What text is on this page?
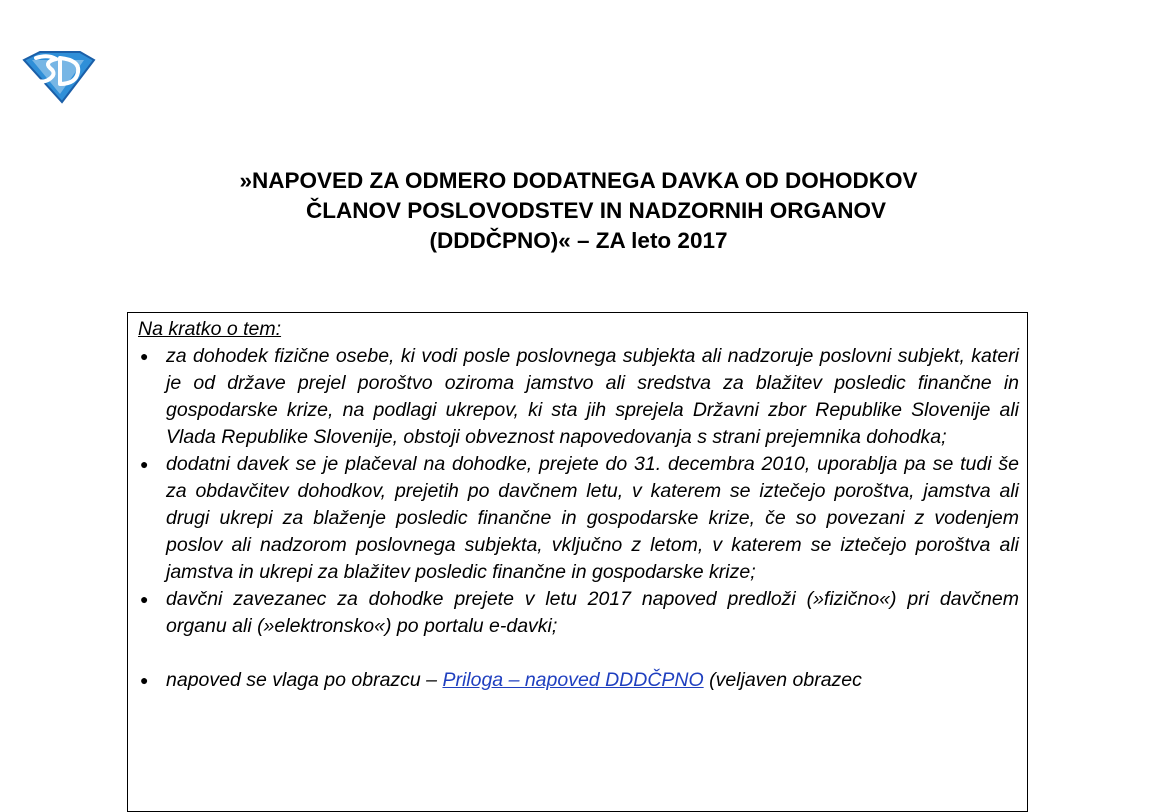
»NAPOVED ZA ODMERO DODATNEGA DAVKA OD DOHODKOV
ČLANOV POSLOVODSTEV IN NADZORNIH ORGANOV
(DDDČPNO)« – ZA leto 2017
Na kratko o tem:
● za dohodek fizične osebe, ki vodi posle poslovnega subjekta ali nadzoruje poslovni subjekt, kateri je od države prejel poroštvo oziroma jamstvo ali sredstva za blažitev posledic finančne in gospodarske krize, na podlagi ukrepov, ki sta jih sprejela Državni zbor Republike Slovenije ali Vlada Republike Slovenije, obstoji obveznost napovedovanja s strani prejemnika dohodka;
● dodatni davek se je plačeval na dohodke, prejete do 31. decembra 2010, uporablja pa se tudi še za obdavčitev dohodkov, prejetih po davčnem letu, v katerem se iztečejo poroštva, jamstva ali drugi ukrepi za blaženje posledic finančne in gospodarske krize, če so povezani z vodenjem poslov ali nadzorom poslovnega subjekta, vključno z letom, v katerem se iztečejo poroštva ali jamstva in ukrepi za blažitev posledic finančne in gospodarske krize;
● davčni zavezanec za dohodke prejete v letu 2017 napoved predloži (»fizično«) pri davčnem organu ali (»elektronsko«) po portalu e-davki;
● napoved se vlaga po obrazcu – Priloga – napoved DDDČPNO (veljaven obrazec
